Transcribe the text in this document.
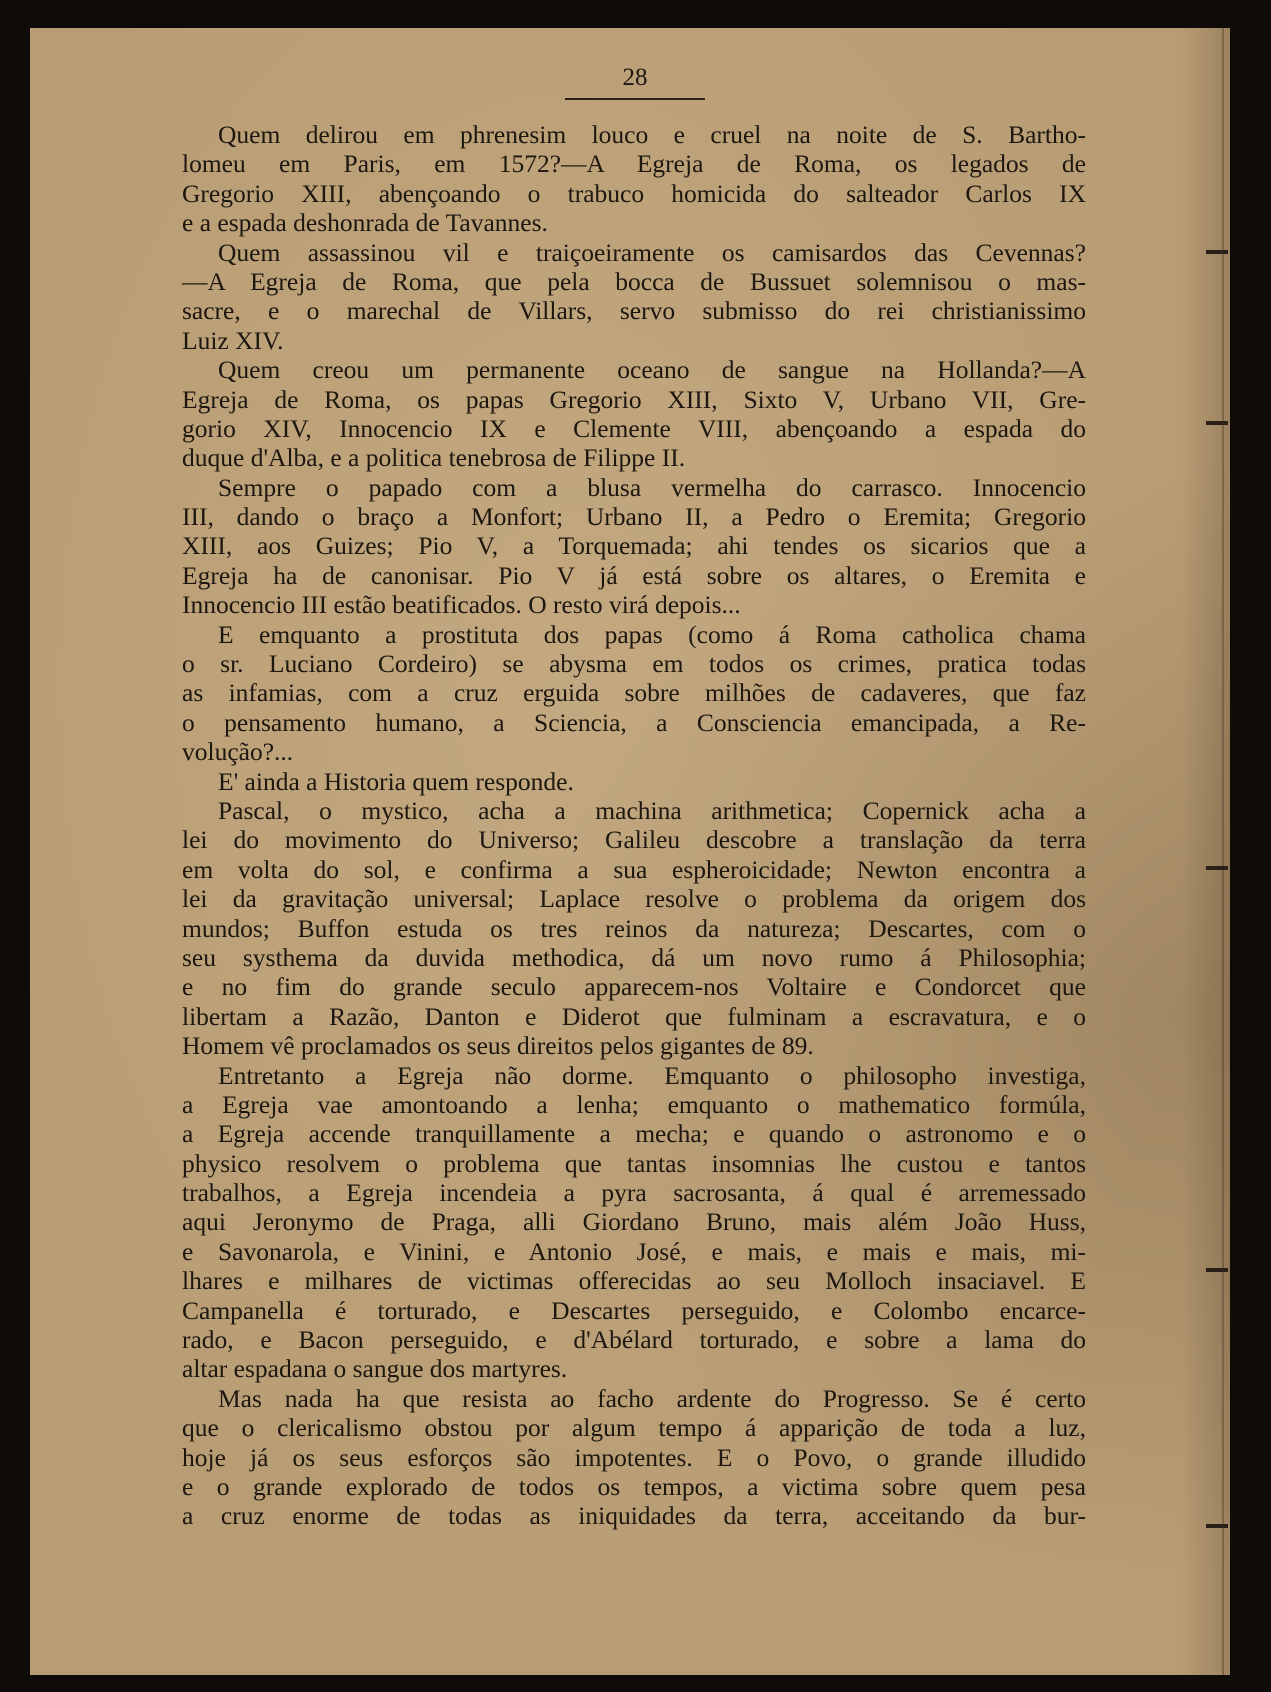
28

Quem delirou em phrenesim louco e cruel na noite de S. Bartho-
lomeu em Paris, em 1572?—A Egreja de Roma, os legados de
Gregorio XIII, abençoando o trabuco homicida do salteador Carlos IX
e a espada deshonrada de Tavannes.
Quem assassinou vil e traiçoeiramente os camisardos das Cevennas?
—A Egreja de Roma, que pela bocca de Bussuet solemnisou o mas-
sacre, e o marechal de Villars, servo submisso do rei christianissimo
Luiz XIV.
Quem creou um permanente oceano de sangue na Hollanda?—A
Egreja de Roma, os papas Gregorio XIII, Sixto V, Urbano VII, Gre-
gorio XIV, Innocencio IX e Clemente VIII, abençoando a espada do
duque d'Alba, e a politica tenebrosa de Filippe II.
Sempre o papado com a blusa vermelha do carrasco. Innocencio
III, dando o braço a Monfort; Urbano II, a Pedro o Eremita; Gregorio
XIII, aos Guizes; Pio V, a Torquemada; ahi tendes os sicarios que a
Egreja ha de canonisar. Pio V já está sobre os altares, o Eremita e
Innocencio III estão beatificados. O resto virá depois...
E emquanto a prostituta dos papas (como á Roma catholica chama
o sr. Luciano Cordeiro) se abysma em todos os crimes, pratica todas
as infamias, com a cruz erguida sobre milhões de cadaveres, que faz
o pensamento humano, a Sciencia, a Consciencia emancipada, a Re-
volução?...
E' ainda a Historia quem responde.
Pascal, o mystico, acha a machina arithmetica; Copernick acha a
lei do movimento do Universo; Galileu descobre a translação da terra
em volta do sol, e confirma a sua espheroicidade; Newton encontra a
lei da gravitação universal; Laplace resolve o problema da origem dos
mundos; Buffon estuda os tres reinos da natureza; Descartes, com o
seu systhema da duvida methodica, dá um novo rumo á Philosophia;
e no fim do grande seculo apparecem-nos Voltaire e Condorcet que
libertam a Razão, Danton e Diderot que fulminam a escravatura, e o
Homem vê proclamados os seus direitos pelos gigantes de 89.
Entretanto a Egreja não dorme. Emquanto o philosopho investiga,
a Egreja vae amontoando a lenha; emquanto o mathematico formúla,
a Egreja accende tranquillamente a mecha; e quando o astronomo e o
physico resolvem o problema que tantas insomnias lhe custou e tantos
trabalhos, a Egreja incendeia a pyra sacrosanta, á qual é arremessado
aqui Jeronymo de Praga, alli Giordano Bruno, mais além João Huss,
e Savonarola, e Vinini, e Antonio José, e mais, e mais e mais, mi-
lhares e milhares de victimas offerecidas ao seu Molloch insaciavel. E
Campanella é torturado, e Descartes perseguido, e Colombo encarce-
rado, e Bacon perseguido, e d'Abélard torturado, e sobre a lama do
altar espadana o sangue dos martyres.
Mas nada ha que resista ao facho ardente do Progresso. Se é certo
que o clericalismo obstou por algum tempo á apparição de toda a luz,
hoje já os seus esforços são impotentes. E o Povo, o grande illudido
e o grande explorado de todos os tempos, a victima sobre quem pesa
a cruz enorme de todas as iniquidades da terra, acceitando da bur-
